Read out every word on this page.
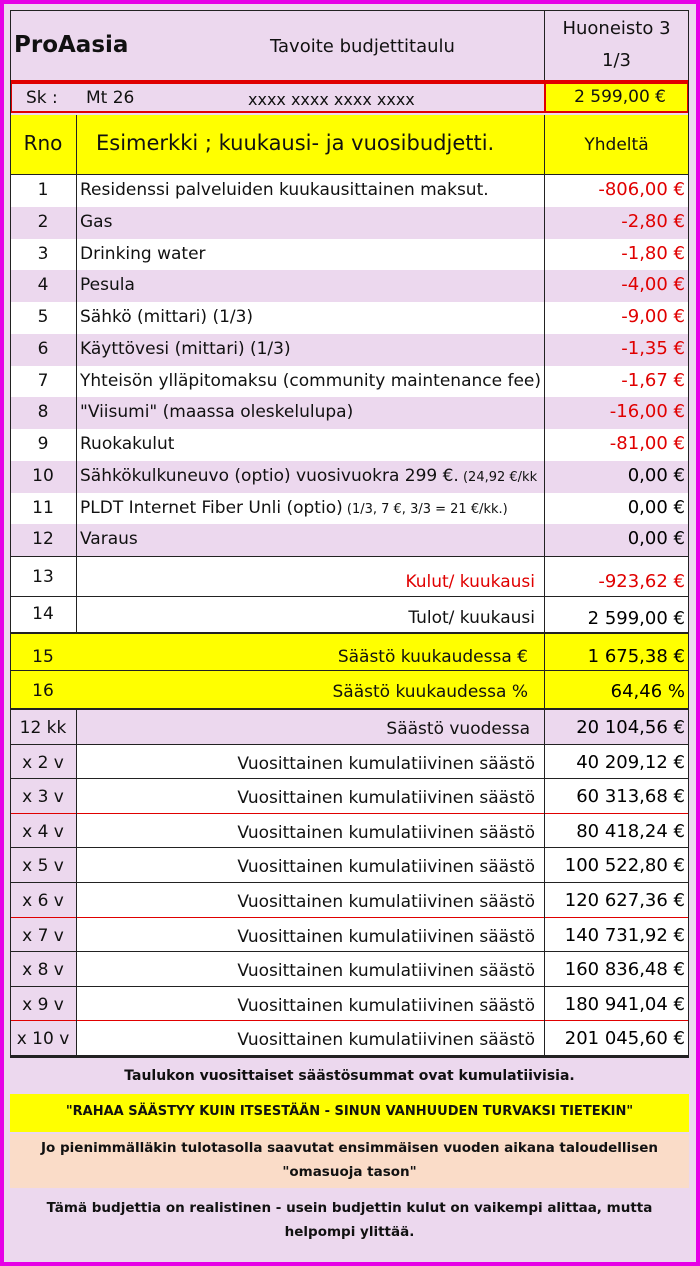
ProAasia	Tavoite budjettitaulu
Huoneisto 3
1/3
Sk : Mt 26	xxxx xxxx xxxx xxxx	2 599,00 €
Rno	Esimerkki ; kuukausi- ja vuosibudjetti.	Yhdeltä
1	Residenssi palveluiden kuukausittainen maksut.	-806,00 €
2	Gas	-2,80 €
3	Drinking water	-1,80 €
4	Pesula	-4,00 €
5	Sähkö (mittari) (1/3)	-9,00 €
6	Käyttövesi (mittari) (1/3)	-1,35 €
7	Yhteisön ylläpitomaksu (community maintenance fee)	-1,67 €
8	"Viisumi" (maassa oleskelulupa)	-16,00 €
9	Ruokakulut	-81,00 €
10	Sähkökulkuneuvo (optio) vuosivuokra 299 €. (24,92 €/kk	0,00 €
11	PLDT Internet Fiber Unli (optio) (1/3, 7 €, 3/3 = 21 €/kk.)	0,00 €
12	Varaus	0,00 €
13	Kulut/ kuukausi	-923,62 €
14	Tulot/ kuukausi	2 599,00 €
15	Säästö kuukaudessa €	1 675,38 €
16	Säästö kuukaudessa %	64,46 %
12 kk	Säästö vuodessa	20 104,56 €
x 2 v	Vuosittainen kumulatiivinen säästö	40 209,12 €
x 3 v	Vuosittainen kumulatiivinen säästö	60 313,68 €
x 4 v	Vuosittainen kumulatiivinen säästö	80 418,24 €
x 5 v	Vuosittainen kumulatiivinen säästö	100 522,80 €
x 6 v	Vuosittainen kumulatiivinen säästö	120 627,36 €
x 7 v	Vuosittainen kumulatiivinen säästö	140 731,92 €
x 8 v	Vuosittainen kumulatiivinen säästö	160 836,48 €
x 9 v	Vuosittainen kumulatiivinen säästö	180 941,04 €
x 10 v	Vuosittainen kumulatiivinen säästö	201 045,60 €
Taulukon vuosittaiset säästösummat ovat kumulatiivisia.
"RAHAA SÄÄSTYY KUIN ITSESTÄÄN - SINUN VANHUUDEN TURVAKSI TIETEKIN"
Jo pienimmälläkin tulotasolla saavutat ensimmäisen vuoden aikana taloudellisen
"omasuoja tason"
Tämä budjettia on realistinen - usein budjettin kulut on vaikempi alittaa, mutta
helpompi ylittää.
